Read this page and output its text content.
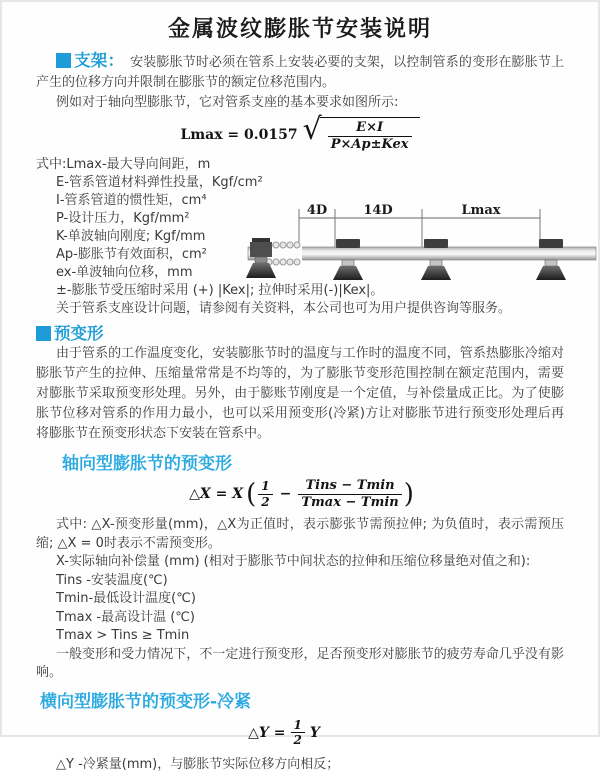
金属波纹膨胀节安装说明
支架： 安装膨胀节时必须在管系上安装必要的支架，以控制管系的变形在膨胀节上产生的位移方向并限制在膨胀节的额定位移范围内。
例如对于轴向型膨胀节，它对管系支座的基本要求如图所示:
Lmax = 0.0157 √ $\frac{E\times I}{\text{P×Ap±Kex}}$
式中:Lmax-最大导向间距，m
E-管系管道材料弹性投量，Kgf/cm²
I-管系管道的惯性矩，cm⁴
P-设计压力，Kgf/mm²
K-单波轴向刚度; Kgf/mm
Ap-膨胀节有效面积，cm²
ex-单波轴向位移，mm
±-膨胀节受压缩时采用 (+) |Kex|; 拉伸时采用(-)|Kex|。
关于管系支座设计问题，请参阅有关资料，本公司也可为用户提供咨询等服务。
预变形
由于管系的工作温度变化，安装膨胀节时的温度与工作时的温度不同，管系热膨胀冷缩对膨胀节产生的拉伸、压缩量常常是不均等的，为了膨胀节变形范围控制在额定范围内，需要对膨胀节采取预变形处理。另外，由于膨账节刚度是一个定值，与补偿量成正比。为了使膨胀节位移对管系的作用力最小，也可以采用预变形(冷紧)方让对膨胀节进行预变形处理后再将膨胀节在预变形状态下安装在管系中。
轴向型膨胀节的预变形
△X = X ( $\frac{1}{2} - \frac{\text{Tins − Tmin}}{Tmax - Tmin}$ )
式中: △X-预变形量(mm)，△X为正值时，表示膨张节需预拉伸; 为负值时，表示需预压缩; △X = 0时表示不需预变形。
X-实际轴向补偿量 (mm) (相对于膨胀节中间状态的拉伸和压缩位移量绝对值之和):
Tins -安装温度(℃)
Tmin-最低设计温度(℃)
Tmax -最高设计温 (℃)
Tmax > Tins ≥ Tmin
一般变形和受力情况下，不一定进行预变形，足否预变形对膨胀节的疲劳寿命几乎没有影响。
横向型膨胀节的预变形-冷紧
△Y = $\frac{1}{2}$ Y
△Y -冷紧量(mm)，与膨胀节实际位移方向相反；
4D	14D	Lmax
